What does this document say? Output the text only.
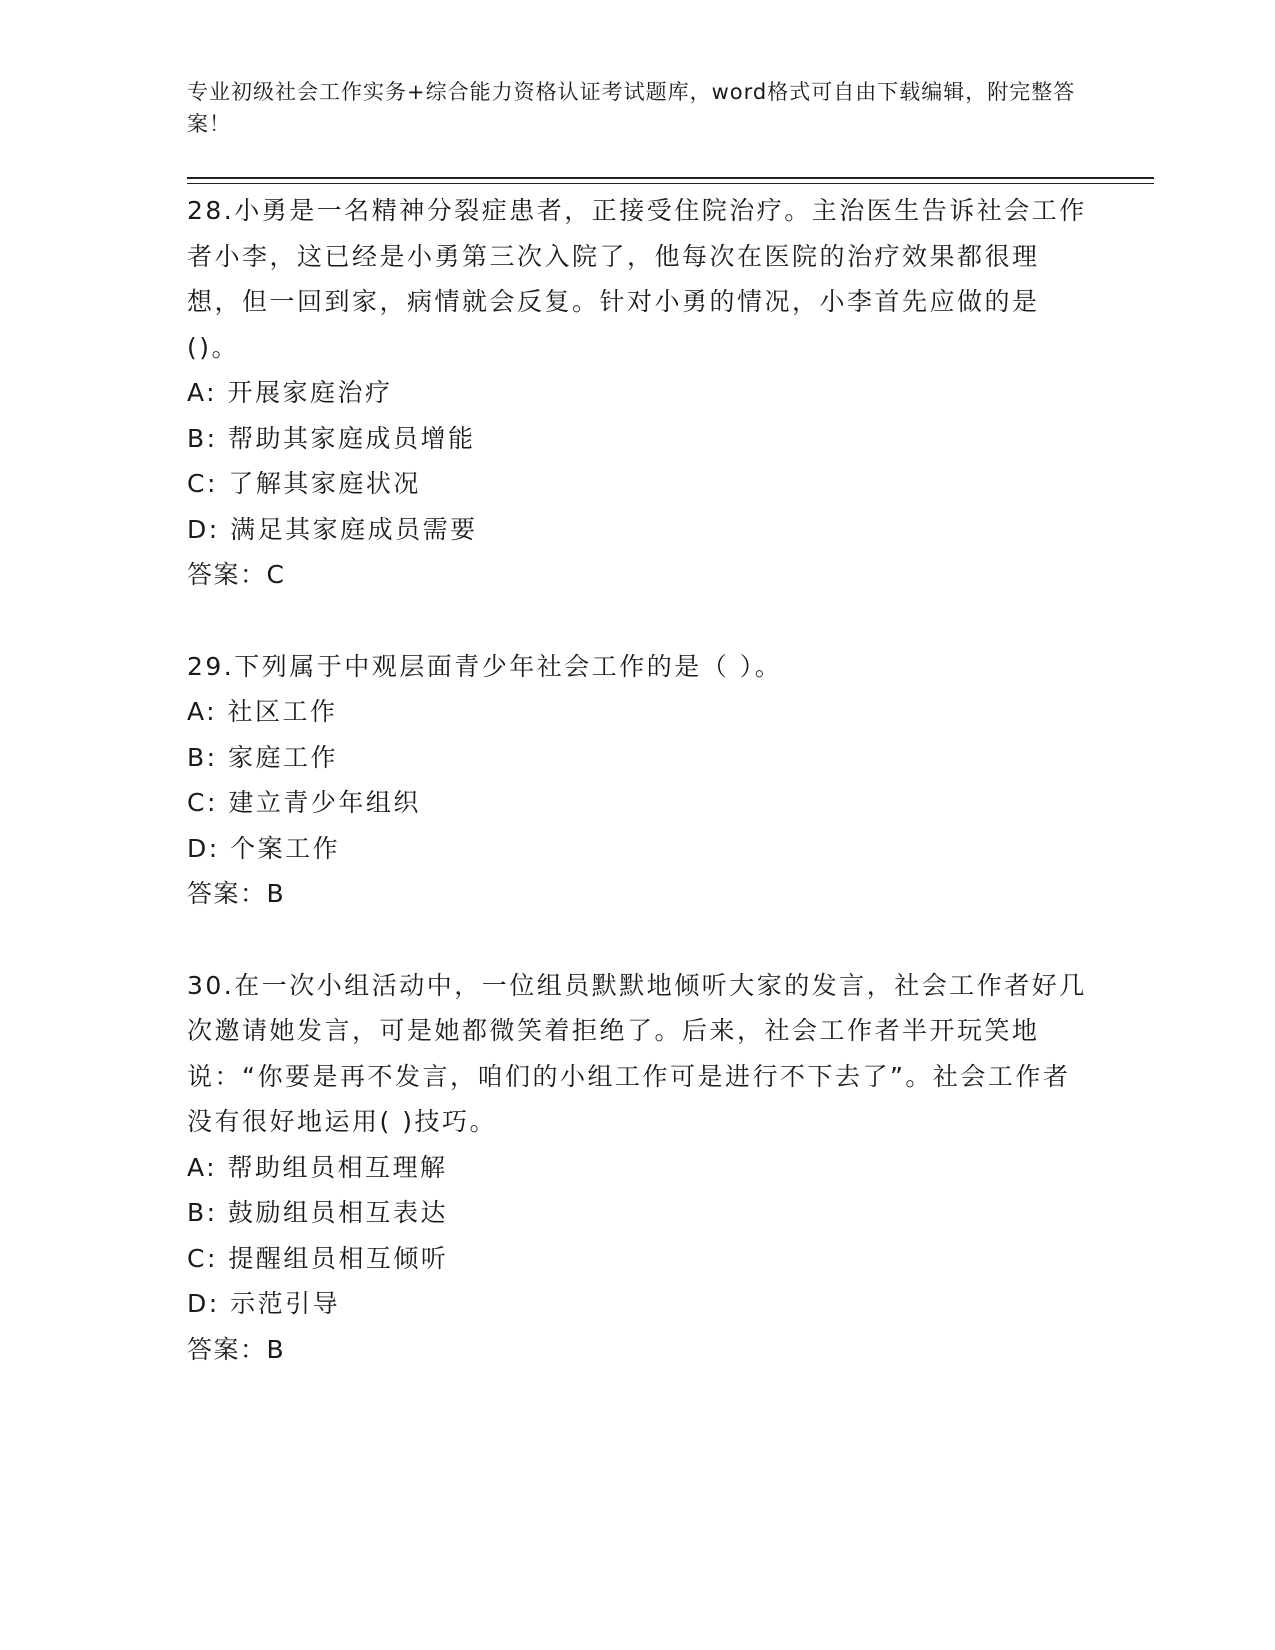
专业初级社会工作实务+综合能力资格认证考试题库，word格式可自由下载编辑，附完整答案！

28.小勇是一名精神分裂症患者，正接受住院治疗。主治医生告诉社会工作者小李，这已经是小勇第三次入院了，他每次在医院的治疗效果都很理想，但一回到家，病情就会反复。针对小勇的情况，小李首先应做的是()。

A: 开展家庭治疗

B: 帮助其家庭成员增能

C: 了解其家庭状况

D: 满足其家庭成员需要

答案：C

29.下列属于中观层面青少年社会工作的是（ ）。

A: 社区工作

B: 家庭工作

C: 建立青少年组织

D: 个案工作

答案：B

30.在一次小组活动中，一位组员默默地倾听大家的发言，社会工作者好几次邀请她发言，可是她都微笑着拒绝了。后来，社会工作者半开玩笑地说：“你要是再不发言，咱们的小组工作可是进行不下去了”。社会工作者没有很好地运用( )技巧。

A: 帮助组员相互理解

B: 鼓励组员相互表达

C: 提醒组员相互倾听

D: 示范引导

答案：B
